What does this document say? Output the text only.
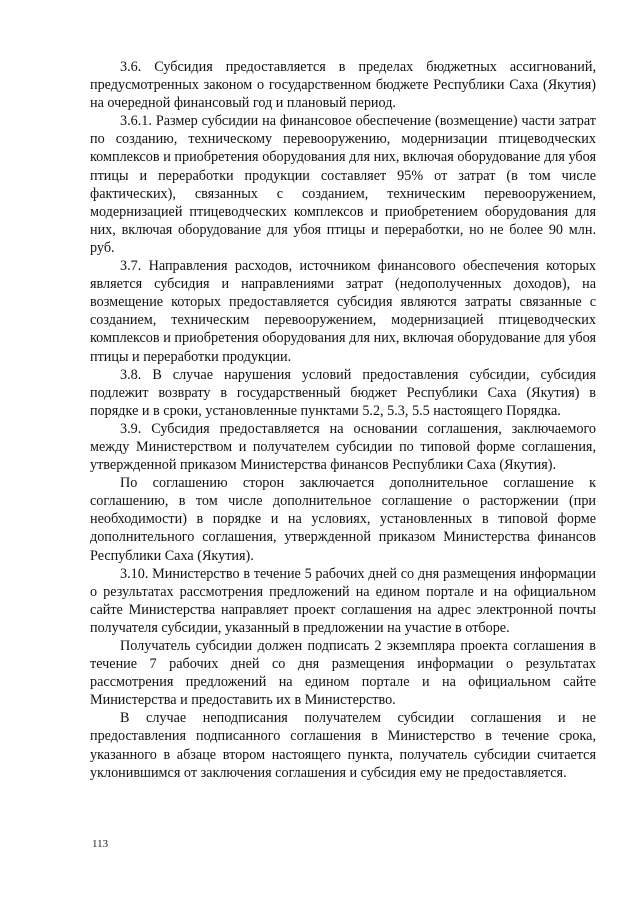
3.6. Субсидия предоставляется в пределах бюджетных ассигнований, предусмотренных законом о государственном бюджете Республики Саха (Якутия) на очередной финансовый год и плановый период.

3.6.1. Размер субсидии на финансовое обеспечение (возмещение) части затрат по созданию, техническому перевооружению, модернизации птицеводческих комплексов и приобретения оборудования для них, включая оборудование для убоя птицы и переработки продукции составляет 95% от затрат (в том числе фактических), связанных с созданием, техническим перевооружением, модернизацией птицеводческих комплексов и приобретением оборудования для них, включая оборудование для убоя птицы и переработки, но не более 90 млн. руб.

3.7. Направления расходов, источником финансового обеспечения которых является субсидия и направлениями затрат (недополученных доходов), на возмещение которых предоставляется субсидия являются затраты связанные с созданием, техническим перевооружением, модернизацией птицеводческих комплексов и приобретения оборудования для них, включая оборудование для убоя птицы и переработки продукции.

3.8. В случае нарушения условий предоставления субсидии, субсидия подлежит возврату в государственный бюджет Республики Саха (Якутия) в порядке и в сроки, установленные пунктами 5.2, 5.3, 5.5 настоящего Порядка.

3.9. Субсидия предоставляется на основании соглашения, заключаемого между Министерством и получателем субсидии по типовой форме соглашения, утвержденной приказом Министерства финансов Республики Саха (Якутия).

По соглашению сторон заключается дополнительное соглашение к соглашению, в том числе дополнительное соглашение о расторжении (при необходимости) в порядке и на условиях, установленных в типовой форме дополнительного соглашения, утвержденной приказом Министерства финансов Республики Саха (Якутия).

3.10. Министерство в течение 5 рабочих дней со дня размещения информации о результатах рассмотрения предложений на едином портале и на официальном сайте Министерства направляет проект соглашения на адрес электронной почты получателя субсидии, указанный в предложении на участие в отборе.

Получатель субсидии должен подписать 2 экземпляра проекта соглашения в течение 7 рабочих дней со дня размещения информации о результатах рассмотрения предложений на едином портале и на официальном сайте Министерства и предоставить их в Министерство.

В случае неподписания получателем субсидии соглашения и не предоставления подписанного соглашения в Министерство в течение срока, указанного в абзаце втором настоящего пункта, получатель субсидии считается уклонившимся от заключения соглашения и субсидия ему не предоставляется.

113
